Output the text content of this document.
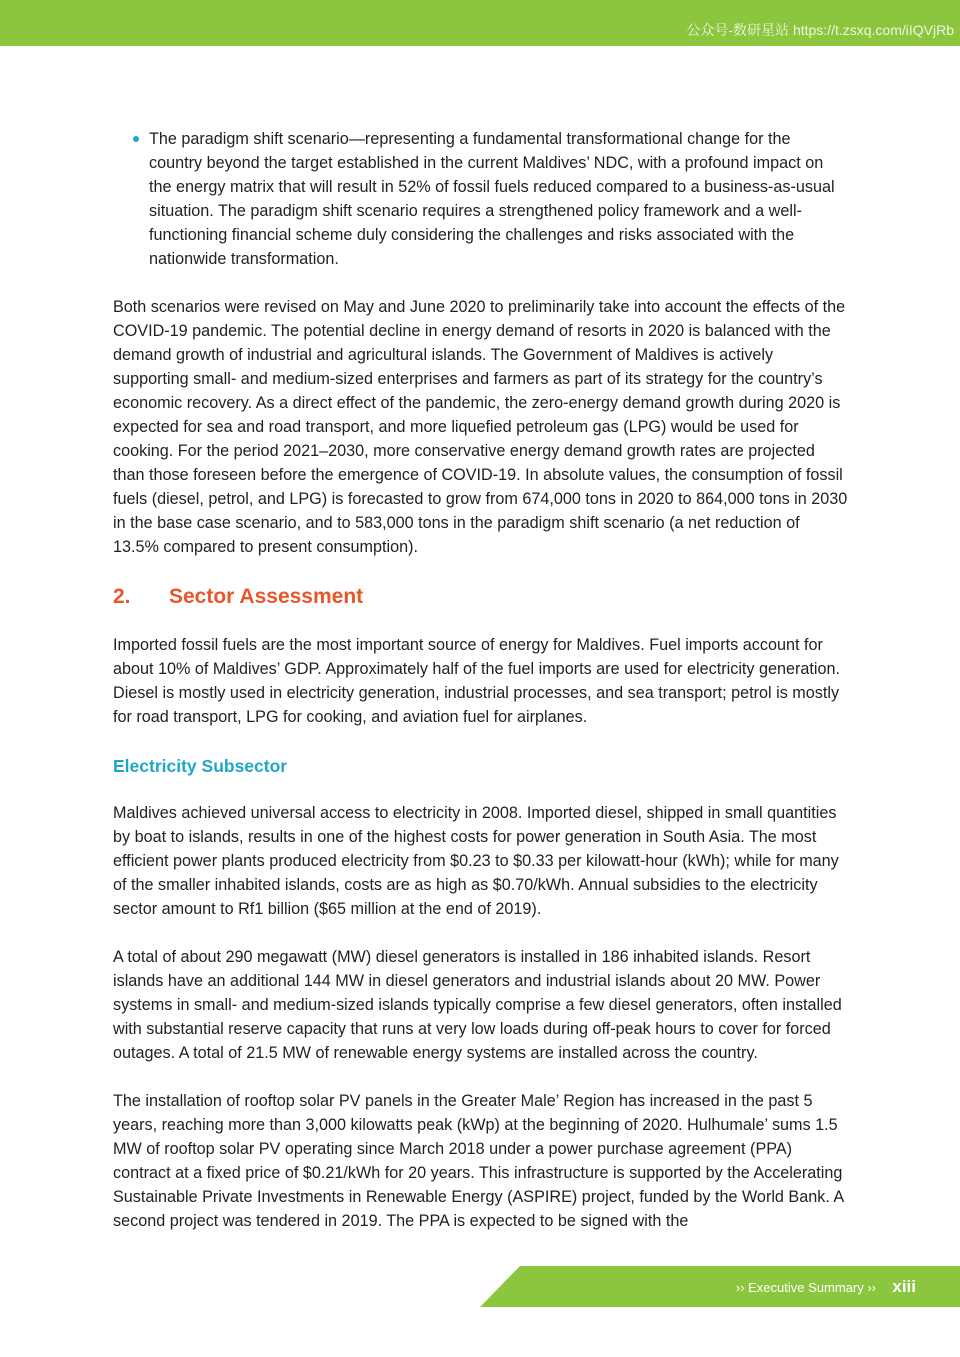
公众号-数研星站 https://t.zsxq.com/iIQVjRb
The paradigm shift scenario—representing a fundamental transformational change for the country beyond the target established in the current Maldives’ NDC, with a profound impact on the energy matrix that will result in 52% of fossil fuels reduced compared to a business-as-usual situation. The paradigm shift scenario requires a strengthened policy framework and a well-functioning financial scheme duly considering the challenges and risks associated with the nationwide transformation.

Both scenarios were revised on May and June 2020 to preliminarily take into account the effects of the COVID-19 pandemic. The potential decline in energy demand of resorts in 2020 is balanced with the demand growth of industrial and agricultural islands. The Government of Maldives is actively supporting small- and medium-sized enterprises and farmers as part of its strategy for the country’s economic recovery. As a direct effect of the pandemic, the zero-energy demand growth during 2020 is expected for sea and road transport, and more liquefied petroleum gas (LPG) would be used for cooking. For the period 2021–2030, more conservative energy demand growth rates are projected than those foreseen before the emergence of COVID-19. In absolute values, the consumption of fossil fuels (diesel, petrol, and LPG) is forecasted to grow from 674,000 tons in 2020 to 864,000 tons in 2030 in the base case scenario, and to 583,000 tons in the paradigm shift scenario (a net reduction of 13.5% compared to present consumption).

2.	Sector Assessment

Imported fossil fuels are the most important source of energy for Maldives. Fuel imports account for about 10% of Maldives’ GDP. Approximately half of the fuel imports are used for electricity generation. Diesel is mostly used in electricity generation, industrial processes, and sea transport; petrol is mostly for road transport, LPG for cooking, and aviation fuel for airplanes.

Electricity Subsector

Maldives achieved universal access to electricity in 2008. Imported diesel, shipped in small quantities by boat to islands, results in one of the highest costs for power generation in South Asia. The most efficient power plants produced electricity from $0.23 to $0.33 per kilowatt-hour (kWh); while for many of the smaller inhabited islands, costs are as high as $0.70/kWh. Annual subsidies to the electricity sector amount to Rf1 billion ($65 million at the end of 2019).

A total of about 290 megawatt (MW) diesel generators is installed in 186 inhabited islands. Resort islands have an additional 144 MW in diesel generators and industrial islands about 20 MW. Power systems in small- and medium-sized islands typically comprise a few diesel generators, often installed with substantial reserve capacity that runs at very low loads during off-peak hours to cover for forced outages. A total of 21.5 MW of renewable energy systems are installed across the country.

The installation of rooftop solar PV panels in the Greater Male’ Region has increased in the past 5 years, reaching more than 3,000 kilowatts peak (kWp) at the beginning of 2020. Hulhumale’ sums 1.5 MW of rooftop solar PV operating since March 2018 under a power purchase agreement (PPA) contract at a fixed price of $0.21/kWh for 20 years. This infrastructure is supported by the Accelerating Sustainable Private Investments in Renewable Energy (ASPIRE) project, funded by the World Bank. A second project was tendered in 2019. The PPA is expected to be signed with the

›› Executive Summary ›› xiii
